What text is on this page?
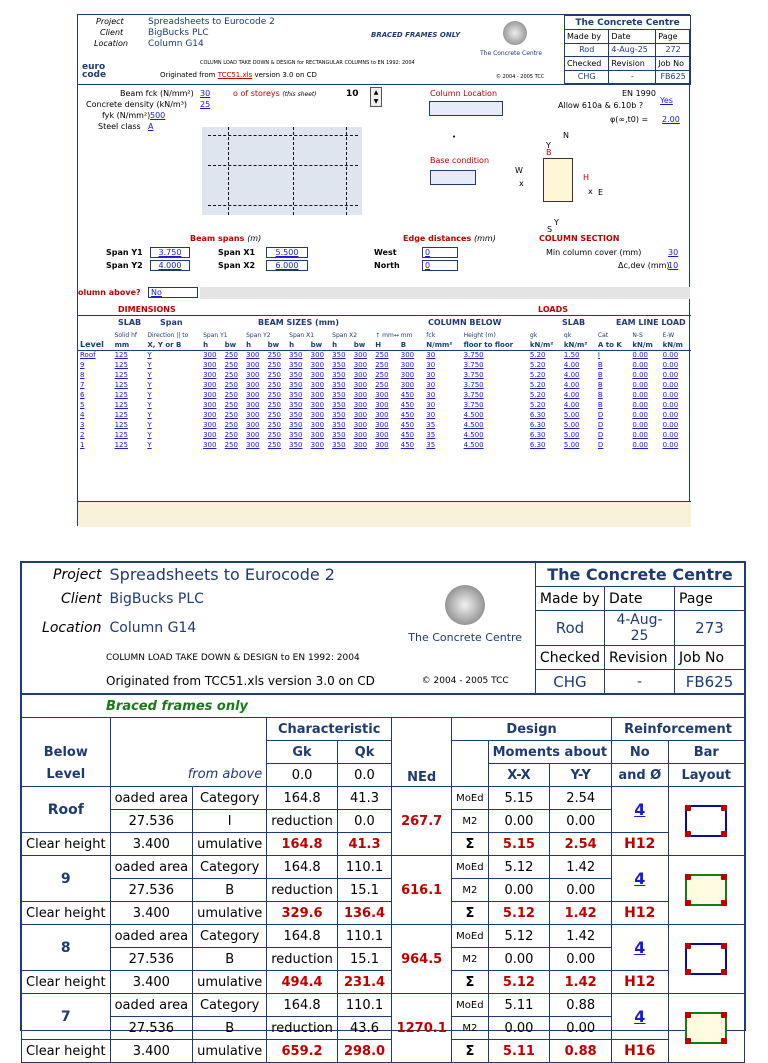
Project
Client
Location
Spreadsheets to Eurocode 2
BigBucks PLC
Column G14
BRACED FRAMES ONLY
The Concrete Centre
euro code
COLUMN LOAD TAKE DOWN & DESIGN for RECTANGULAR COLUMNS to EN 1992: 2004
Originated from TCC51.xls version 3.0 on CD	© 2004 - 2005 TCC
The Concrete Centre		
Made by	Date	Page
Rod	4-Aug-25	272
Checked	Revision	Job No
CHG	-	FB625
Beam fck (N/mm²) 30
Concrete density (kN/m³) 25
fyk (N/mm²) 500
Steel class A
o of storeys (this sheet)	10	▲
▼
•
Column Location
Base condition
EN 1990
Yes
Allow 610a & 6.10b ?
φ(∞,t0) = 2.00
N
Y
B
H
W
x
x E
Y
S
Beam spans (m)
Span Y1	3.750
Span Y2	4.000
Span X1	5.500
Span X2	6.000
Edge distances (mm)
West	0
North	0
COLUMN SECTION
Min column cover (mm)	30
Δc,dev (mm)
10
olumn above?	No
DIMENSIONS	LOADS
SLAB Span	BEAM SIZES (mm)	COLUMN BELOW	SLAB	EAM LINE LOAD
	Solid hf	Direction || to	Span Y1		Span Y2		Span X1		Span X2		↑ mm↔ mm		fck	Height (m)	gk	qk	Cat	N-S	E-W
Level	mm	X, Y or B	h	bw	h	bw	h	bw	h	bw	H	B	N/mm²	floor to floor	kN/m²	kN/m²	A to K	kN/m	kN/m
Roof	125	Y	300	250	300	250	350	300	350	300	250	300	30	3.750	5.20	1.50	I	0.00	0.00
9	125	Y	300	250	300	250	350	300	350	300	250	300	30	3.750	5.20	4.00	B	0.00	0.00
8	125	Y	300	250	300	250	350	300	350	300	250	300	30	3.750	5.20	4.00	B	0.00	0.00
7	125	Y	300	250	300	250	350	300	350	300	250	300	30	3.750	5.20	4.00	B	0.00	0.00
6	125	Y	300	250	300	250	350	300	350	300	300	450	30	3.750	5.20	4.00	B	0.00	0.00
5	125	Y	300	250	300	250	350	300	350	300	300	450	30	3.750	5.20	4.00	B	0.00	0.00
4	125	Y	300	250	300	250	350	300	350	300	300	450	30	4.500	6.30	5.00	D	0.00	0.00
3	125	Y	300	250	300	250	350	300	350	300	300	450	35	4.500	6.30	5.00	D	0.00	0.00
2	125	Y	300	250	300	250	350	300	350	300	300	450	35	4.500	6.30	5.00	D	0.00	0.00
1	125	Y	300	250	300	250	350	300	350	300	300	450	35	4.500	6.30	5.00	D	0.00	0.00
Project	Spreadsheets to Eurocode 2	The Concrete Centre	The Concrete Centre		
Client	BigBucks PLC		Made by	Date	Page
Location	Column G14		Rod	4-Aug-25	273
COLUMN LOAD TAKE DOWN & DESIGN to EN 1992: 2004			Checked	Revision	Job No
Originated from TCC51.xls version 3.0 on CD		© 2004 - 2005 TCC	CHG	-	FB625
Braced frames only										
			Characteristic		NEd	Design			Reinforcement	
Below			Gk	Qk			Moments about		No	Bar
Level	from above		0.0	0.0			X-X	Y-Y	and Ø	Layout
Roof	oaded area	Category	164.8	41.3	267.7	MoEd	5.15	2.54	4	

	27.536	I	reduction	0.0		M2	0.00	0.00		
Clear height	3.400	umulative	164.8	41.3		Σ	5.15	2.54	H12	
9	oaded area	Category	164.8	110.1	616.1	MoEd	5.12	1.42	4	

	27.536	B	reduction	15.1		M2	0.00	0.00		
Clear height	3.400	umulative	329.6	136.4		Σ	5.12	1.42	H12	
8	oaded area	Category	164.8	110.1	964.5	MoEd	5.12	1.42	4	

	27.536	B	reduction	15.1		M2	0.00	0.00		
Clear height	3.400	umulative	494.4	231.4		Σ	5.12	1.42	H12	
7	oaded area	Category	164.8	110.1	1270.1	MoEd	5.11	0.88	4	

	27.536	B	reduction	43.6		M2	0.00	0.00		
Clear height	3.400	umulative	659.2	298.0		Σ	5.11	0.88	H16	
